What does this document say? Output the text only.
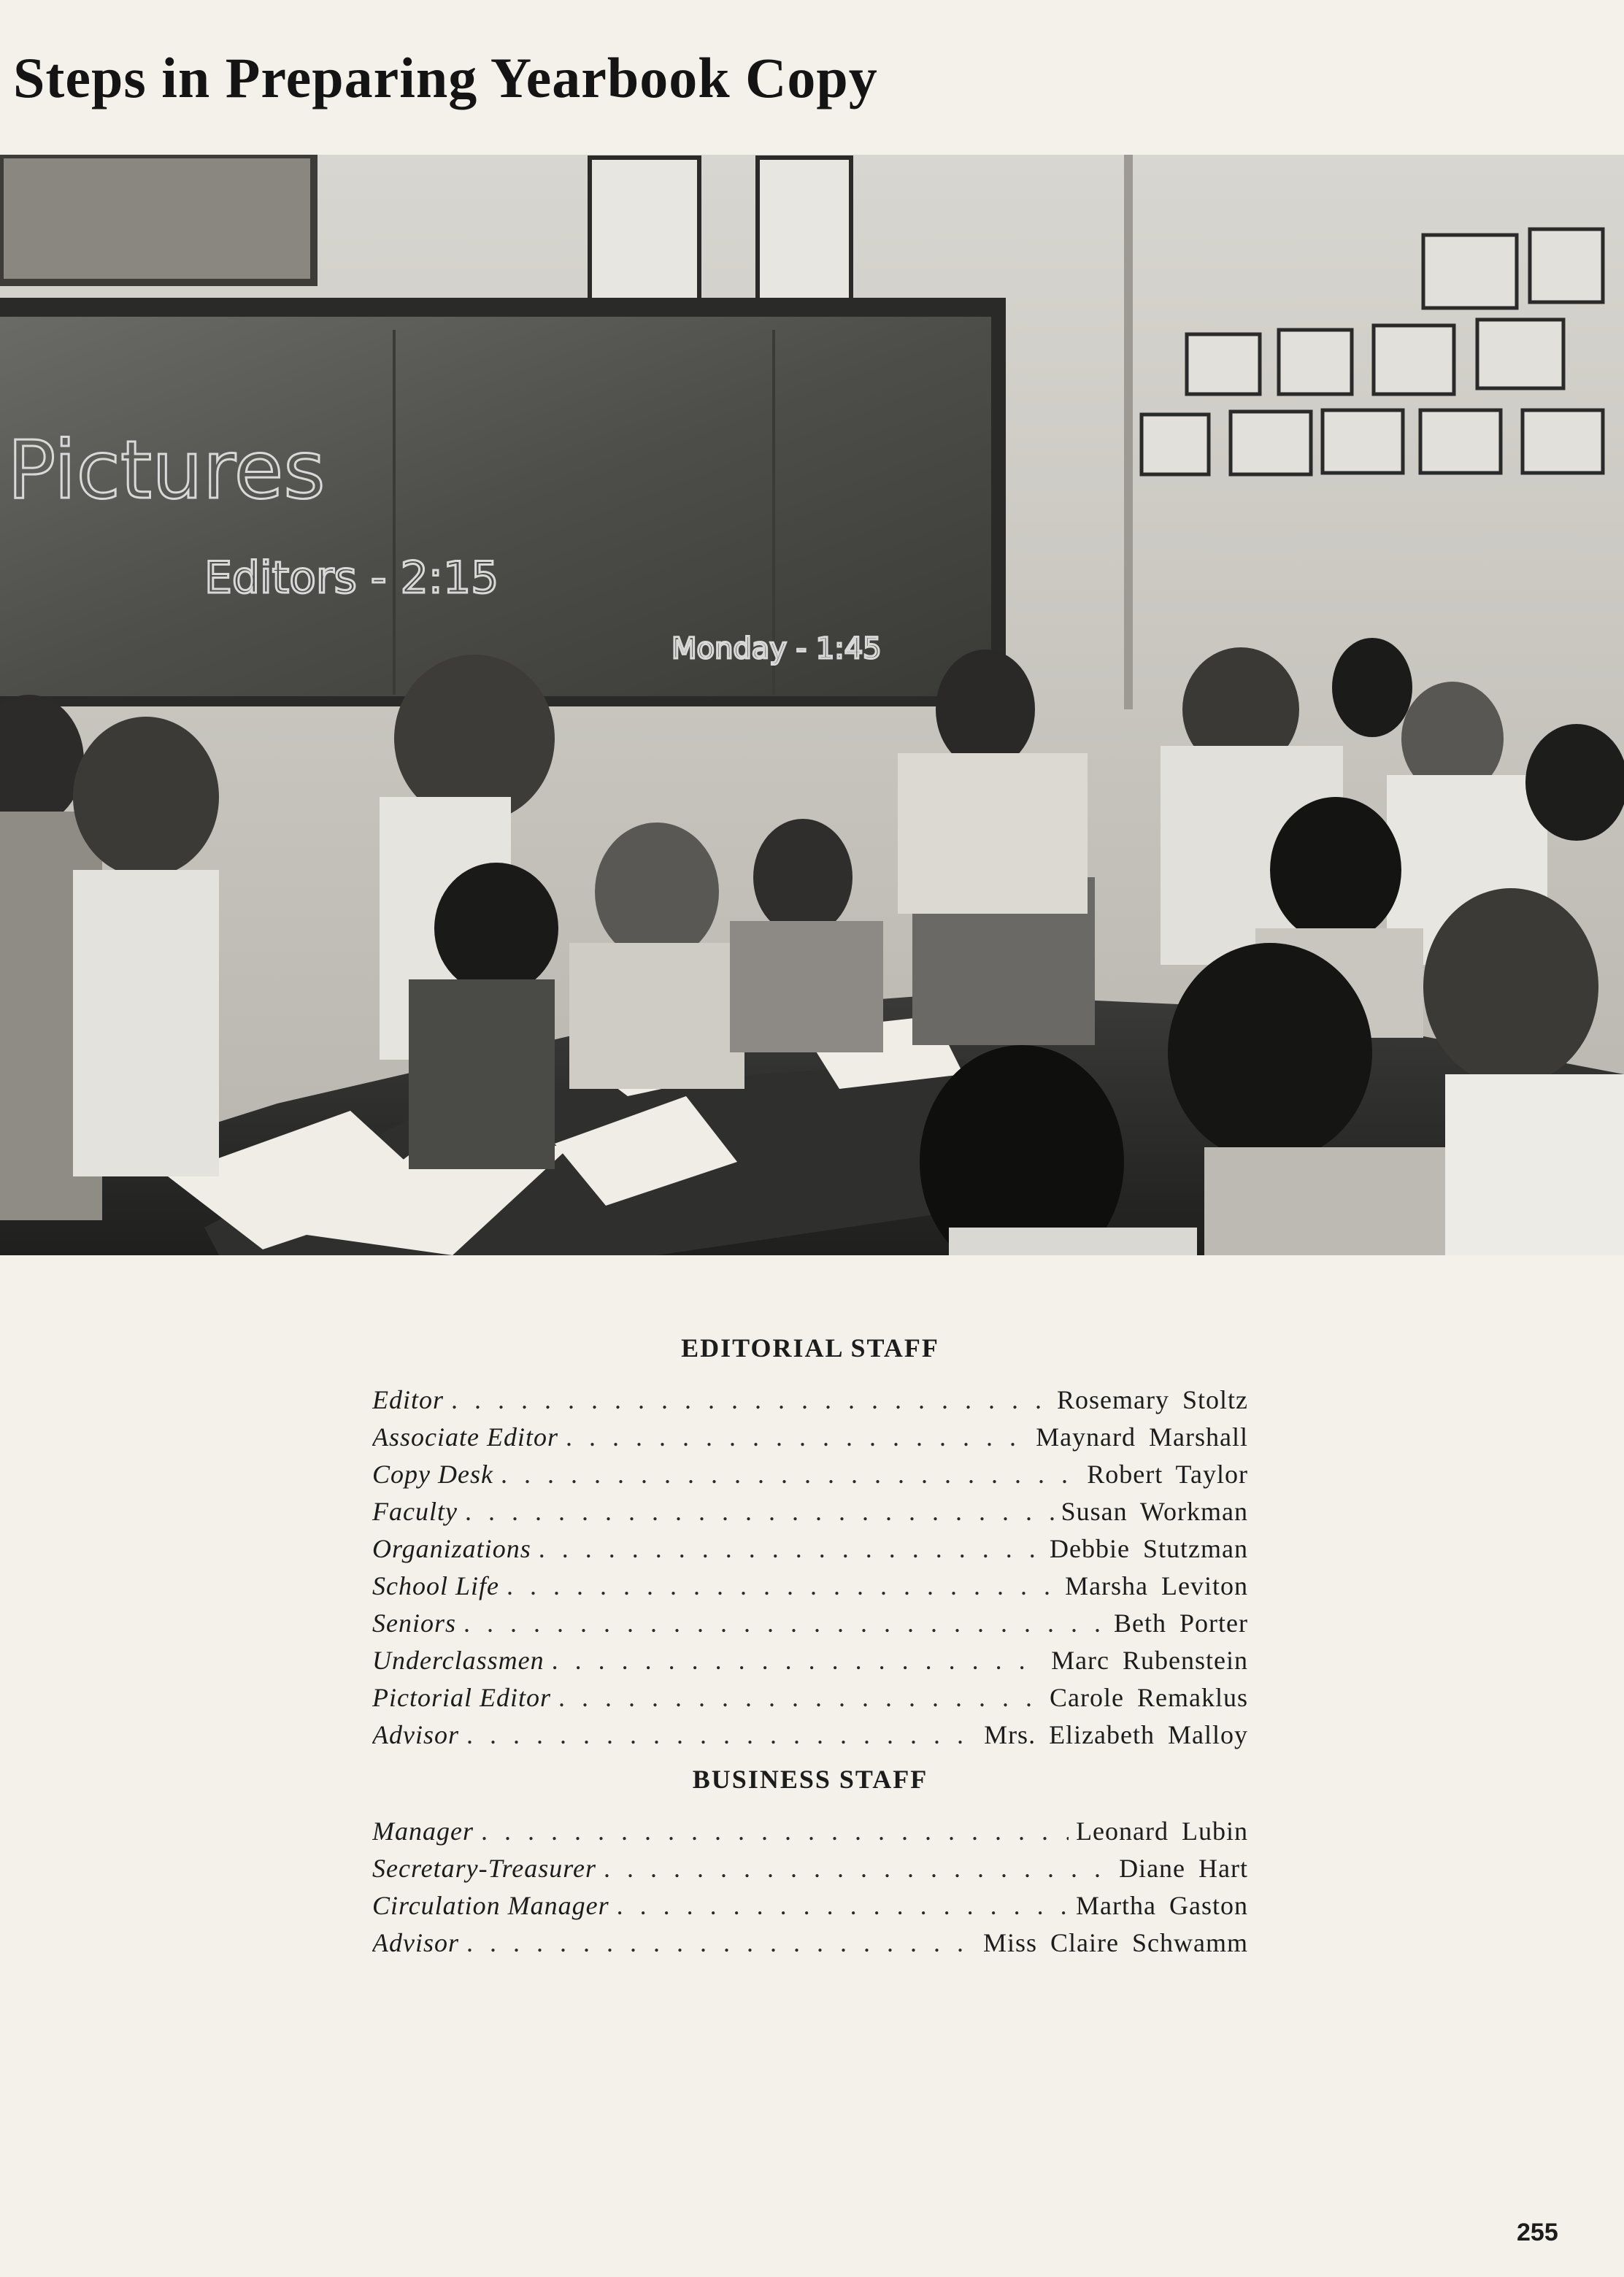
Steps in Preparing Yearbook Copy
Pictures
Editors - 2:15
Monday - 1:45
EDITORIAL STAFF
Editor . . .	Rosemary Stoltz
Associate Editor . . .	Maynard Marshall
Copy Desk . . .	Robert Taylor
Faculty . . .	Susan Workman
Organizations . . .	Debbie Stutzman
School Life . . .	Marsha Leviton
Seniors . . .	Beth Porter
Underclassmen . . .	Marc Rubenstein
Pictorial Editor . . .	Carole Remaklus
Advisor . . .	Mrs. Elizabeth Malloy
BUSINESS STAFF
Manager . . .	Leonard Lubin
Secretary-Treasurer . . .	Diane Hart
Circulation Manager . . .	Martha Gaston
Advisor . . .	Miss Claire Schwamm

255
